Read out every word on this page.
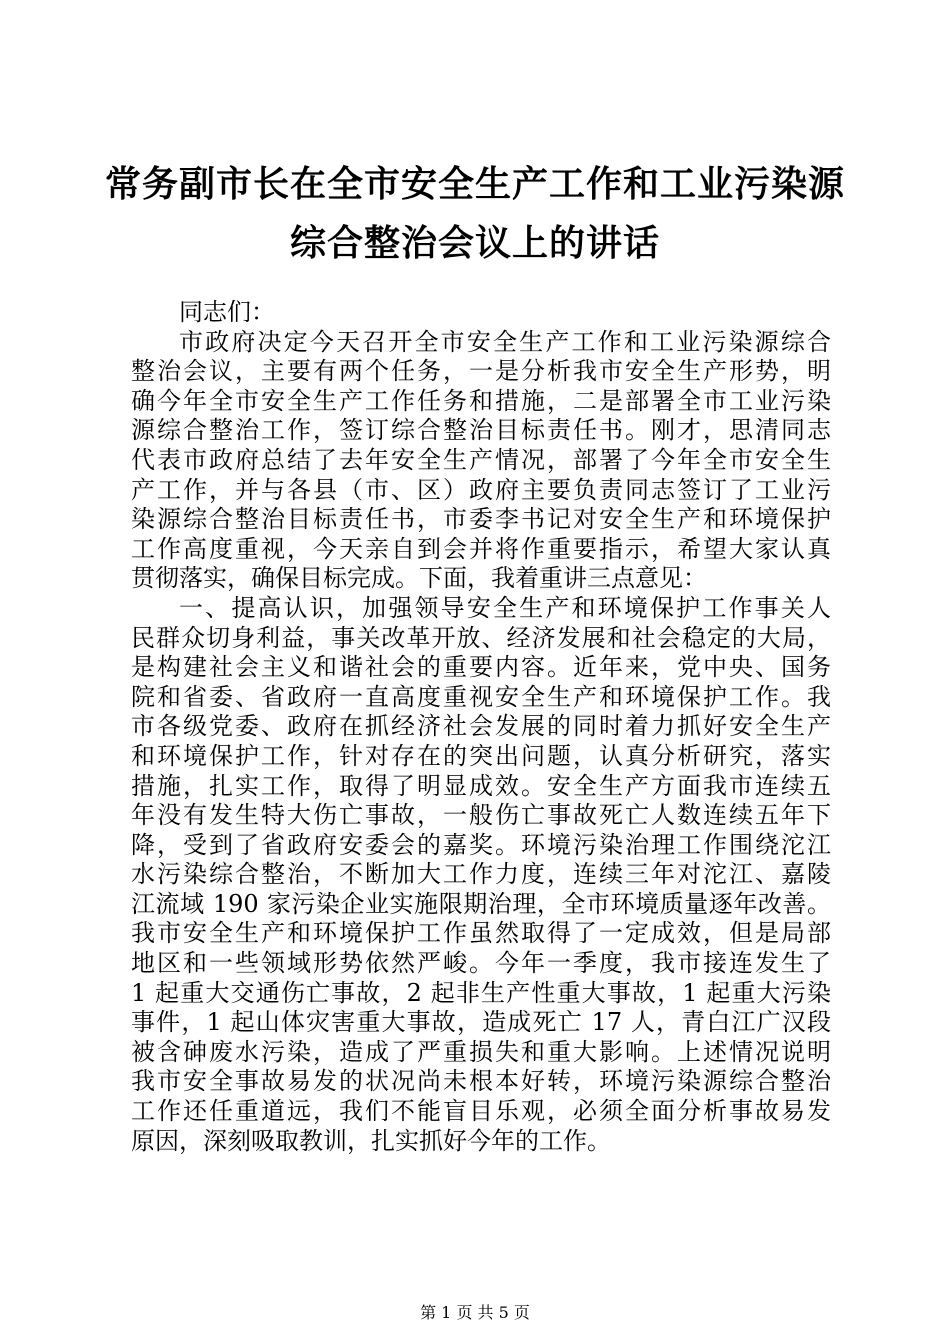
常务副市长在全市安全生产工作和工业污染源
综合整治会议上的讲话
同志们：
市政府决定今天召开全市安全生产工作和工业污染源综合
整治会议，主要有两个任务，一是分析我市安全生产形势，明
确今年全市安全生产工作任务和措施，二是部署全市工业污染
源综合整治工作，签订综合整治目标责任书。刚才，思清同志
代表市政府总结了去年安全生产情况，部署了今年全市安全生
产工作，并与各县（市、区）政府主要负责同志签订了工业污
染源综合整治目标责任书，市委李书记对安全生产和环境保护
工作高度重视，今天亲自到会并将作重要指示，希望大家认真
贯彻落实，确保目标完成。下面，我着重讲三点意见：
一、提高认识，加强领导安全生产和环境保护工作事关人
民群众切身利益，事关改革开放、经济发展和社会稳定的大局，
是构建社会主义和谐社会的重要内容。近年来，党中央、国务
院和省委、省政府一直高度重视安全生产和环境保护工作。我
市各级党委、政府在抓经济社会发展的同时着力抓好安全生产
和环境保护工作，针对存在的突出问题，认真分析研究，落实
措施，扎实工作，取得了明显成效。安全生产方面我市连续五
年没有发生特大伤亡事故，一般伤亡事故死亡人数连续五年下
降，受到了省政府安委会的嘉奖。环境污染治理工作围绕沱江
水污染综合整治，不断加大工作力度，连续三年对沱江、嘉陵
江流域 190 家污染企业实施限期治理，全市环境质量逐年改善。
我市安全生产和环境保护工作虽然取得了一定成效，但是局部
地区和一些领域形势依然严峻。今年一季度，我市接连发生了
1 起重大交通伤亡事故，2 起非生产性重大事故，1 起重大污染
事件，1 起山体灾害重大事故，造成死亡 17 人，青白江广汉段
被含砷废水污染，造成了严重损失和重大影响。上述情况说明
我市安全事故易发的状况尚未根本好转，环境污染源综合整治
工作还任重道远，我们不能盲目乐观，必须全面分析事故易发
原因，深刻吸取教训，扎实抓好今年的工作。
第 1 页 共 5 页
